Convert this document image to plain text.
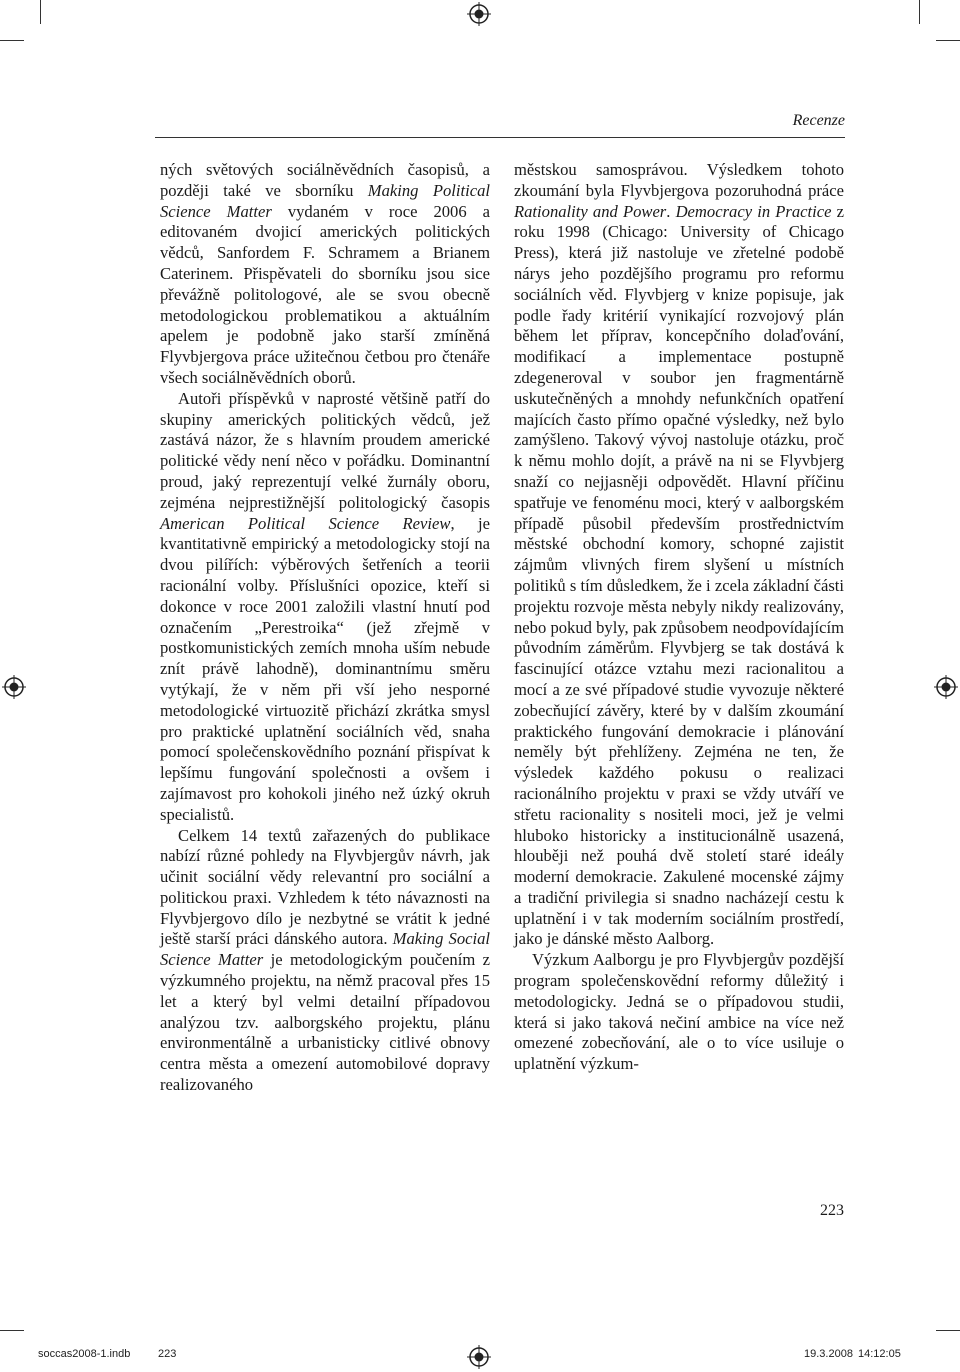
Recenze

ných světových sociálněvědních časopisů, a později také ve sborníku Making Political Science Matter vydaném v roce 2006 a editovaném dvojicí amerických politických vědců, Sanfordem F. Schramem a Brianem Caterinem. Přispěvateli do sborníku jsou sice převážně politologové, ale se svou obecně metodologickou problematikou a aktuálním apelem je podobně jako starší zmíněná Flyvbjergova práce užitečnou četbou pro čtenáře všech sociálněvědních oborů.

Autoři příspěvků v naprosté většině patří do skupiny amerických politických vědců, jež zastává názor, že s hlavním proudem americké politické vědy není něco v pořádku. Dominantní proud, jaký reprezentují velké žurnály oboru, zejména nejprestižnější politologický časopis American Political Science Review, je kvantitativně empirický a metodologicky stojí na dvou pilířích: výběrových šetřeních a teorii racionální volby. Příslušníci opozice, kteří si dokonce v roce 2001 založili vlastní hnutí pod označením „Perestroika“ (jež zřejmě v postkomunistických zemích mnoha uším nebude znít právě lahodně), dominantnímu směru vytýkají, že v něm při vší jeho nesporné metodologické virtuozitě přichází zkrátka smysl pro praktické uplatnění sociálních věd, snaha pomocí společenskovědního poznání přispívat k lepšímu fungování společnosti a ovšem i zajímavost pro kohokoli jiného než úzký okruh specialistů.

Celkem 14 textů zařazených do publikace nabízí různé pohledy na Flyvbjergův návrh, jak učinit sociální vědy relevantní pro sociální a politickou praxi. Vzhledem k této návaznosti na Flyvbjergovo dílo je nezbytné se vrátit k jedné ještě starší práci dánského autora. Making Social Science Matter je metodologickým poučením z výzkumného projektu, na němž pracoval přes 15 let a který byl velmi detailní případovou analýzou tzv. aalborgského projektu, plánu environmentálně a urbanisticky citlivé obnovy centra města a omezení automobilové dopravy realizovaného

městskou samosprávou. Výsledkem tohoto zkoumání byla Flyvbjergova pozoruhodná práce Rationality and Power. Democracy in Practice z roku 1998 (Chicago: University of Chicago Press), která již nastoluje ve zřetelné podobě nárys jeho pozdějšího programu pro reformu sociálních věd. Flyvbjerg v knize popisuje, jak podle řady kritérií vynikající rozvojový plán během let příprav, koncepčního dolaďování, modifikací a implementace postupně zdegeneroval v soubor jen fragmentárně uskutečněných a mnohdy nefunkčních opatření majících často přímo opačné výsledky, než bylo zamýšleno. Takový vývoj nastoluje otázku, proč k němu mohlo dojít, a právě na ni se Flyvbjerg snaží co nejjasněji odpovědět. Hlavní příčinu spatřuje ve fenoménu moci, který v aalborgském případě působil především prostřednictvím městské obchodní komory, schopné zajistit zájmům vlivných firem slyšení u místních politiků s tím důsledkem, že i zcela základní části projektu rozvoje města nebyly nikdy realizovány, nebo pokud byly, pak způsobem neodpovídajícím původním záměrům. Flyvbjerg se tak dostává k fascinující otázce vztahu mezi racionalitou a mocí a ze své případové studie vyvozuje některé zobecňující závěry, které by v dalším zkoumání praktického fungování demokracie i plánování neměly být přehlíženy. Zejména ne ten, že výsledek každého pokusu o realizaci racionálního projektu v praxi se vždy utváří ve střetu racionality s nositeli moci, jež je velmi hluboko historicky a institucionálně usazená, hlouběji než pouhá dvě století staré ideály moderní demokracie. Zakulené mocenské zájmy a tradiční privilegia si snadno nacházejí cestu k uplatnění i v tak moderním sociálním prostředí, jako je dánské město Aalborg.

Výzkum Aalborgu je pro Flyvbjergův pozdější program společenskovědní reformy důležitý i metodologicky. Jedná se o případovou studii, která si jako taková nečiní ambice na více než omezené zobecňování, ale o to více usiluje o uplatnění výzkum-

223
soccas2008-1.indb	223	19.3.2008 14:12:05
